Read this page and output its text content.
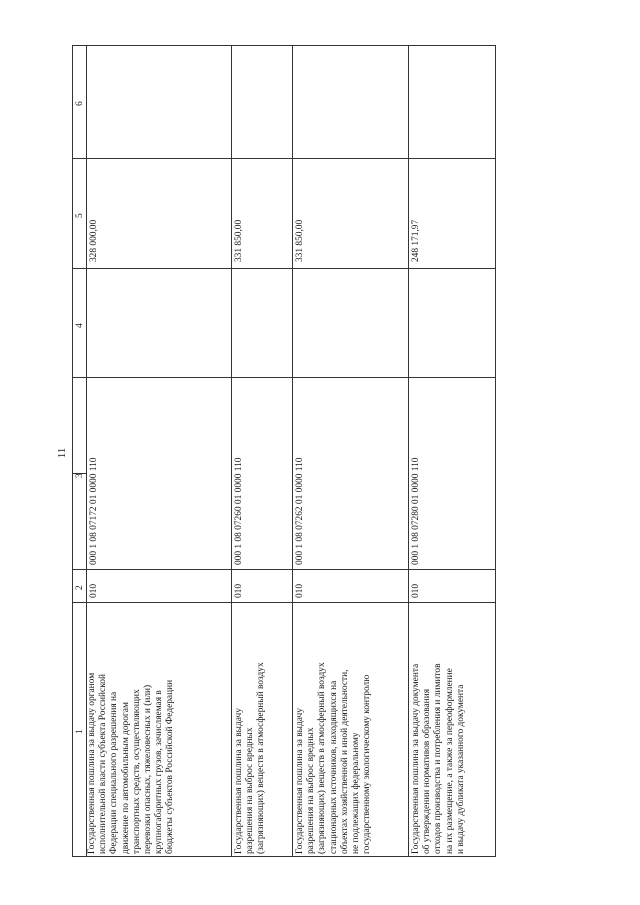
11
1
2
3
4
5
6
Государственная пошлина за выдачу органом исполнительной власти субъекта Российской Федерации специального разрешения на движение по автомобильным дорогам транспортных средств, осуществляющих перевозки опасных, тяжеловесных и (или) крупногабаритных грузов, зачисляемая в бюджеты субъектов Российской Федерации
010
000 1 08 07172 01 0000 110
328 000,00
Государственная пошлина за выдачу разрешения на выброс вредных (загрязняющих) веществ в атмосферный воздух
010
000 1 08 07260 01 0000 110
331 850,00
Государственная пошлина за выдачу разрешения на выброс вредных (загрязняющих) веществ в атмосферный воздух стационарных источников, находящихся на объектах хозяйственной и иной деятельности, не подлежащих федеральному государственному экологическому контролю
010
000 1 08 07262 01 0000 110
331 850,00
Государственная пошлина за выдачу документа об утверждении нормативов образования отходов производства и потребления и лимитов на их размещение, а также за переоформление и выдачу дубликата указанного документа
010
000 1 08 07280 01 0000 110
248 171,97
